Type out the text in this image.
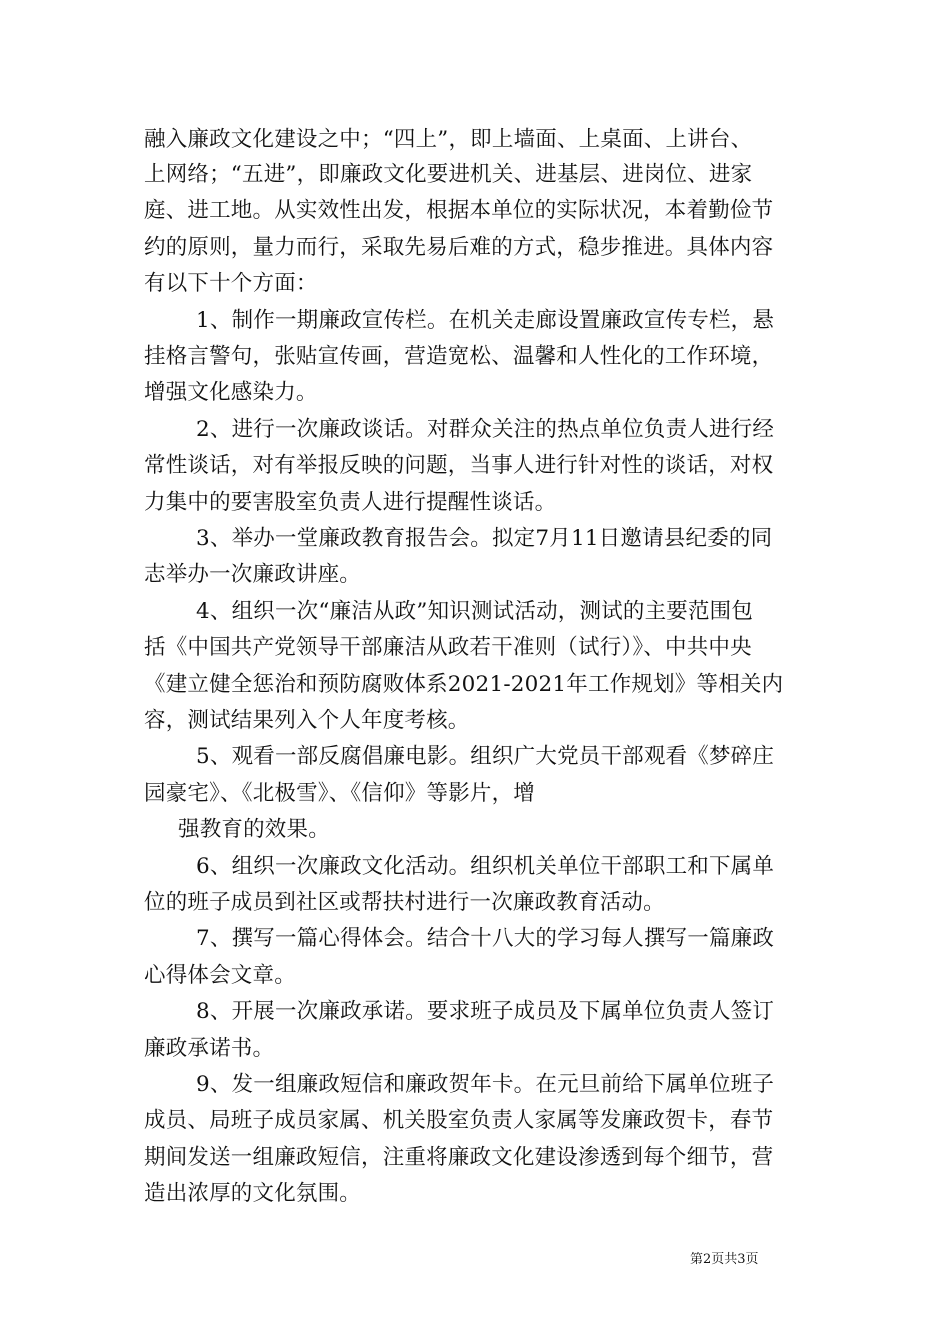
融入廉政文化建设之中；“四上”，即上墙面、上桌面、上讲台、
上网络；“五进”，即廉政文化要进机关、进基层、进岗位、进家
庭、进工地。从实效性出发，根据本单位的实际状况，本着勤俭节
约的原则，量力而行，采取先易后难的方式，稳步推进。具体内容
有以下十个方面：
1、制作一期廉政宣传栏。在机关走廊设置廉政宣传专栏，悬
挂格言警句，张贴宣传画，营造宽松、温馨和人性化的工作环境，
增强文化感染力。
2、进行一次廉政谈话。对群众关注的热点单位负责人进行经
常性谈话，对有举报反映的问题，当事人进行针对性的谈话，对权
力集中的要害股室负责人进行提醒性谈话。
3、举办一堂廉政教育报告会。拟定7月11日邀请县纪委的同
志举办一次廉政讲座。
4、组织一次“廉洁从政”知识测试活动，测试的主要范围包
括《中国共产党领导干部廉洁从政若干准则（试行）》、中共中央
《建立健全惩治和预防腐败体系2021-2021年工作规划》等相关内
容，测试结果列入个人年度考核。
5、观看一部反腐倡廉电影。组织广大党员干部观看《梦碎庄
园豪宅》、《北极雪》、《信仰》等影片，增
强教育的效果。
6、组织一次廉政文化活动。组织机关单位干部职工和下属单
位的班子成员到社区或帮扶村进行一次廉政教育活动。
7、撰写一篇心得体会。结合十八大的学习每人撰写一篇廉政
心得体会文章。
8、开展一次廉政承诺。要求班子成员及下属单位负责人签订
廉政承诺书。
9、发一组廉政短信和廉政贺年卡。在元旦前给下属单位班子
成员、局班子成员家属、机关股室负责人家属等发廉政贺卡，春节
期间发送一组廉政短信，注重将廉政文化建设渗透到每个细节，营
造出浓厚的文化氛围。
第2页共3页
